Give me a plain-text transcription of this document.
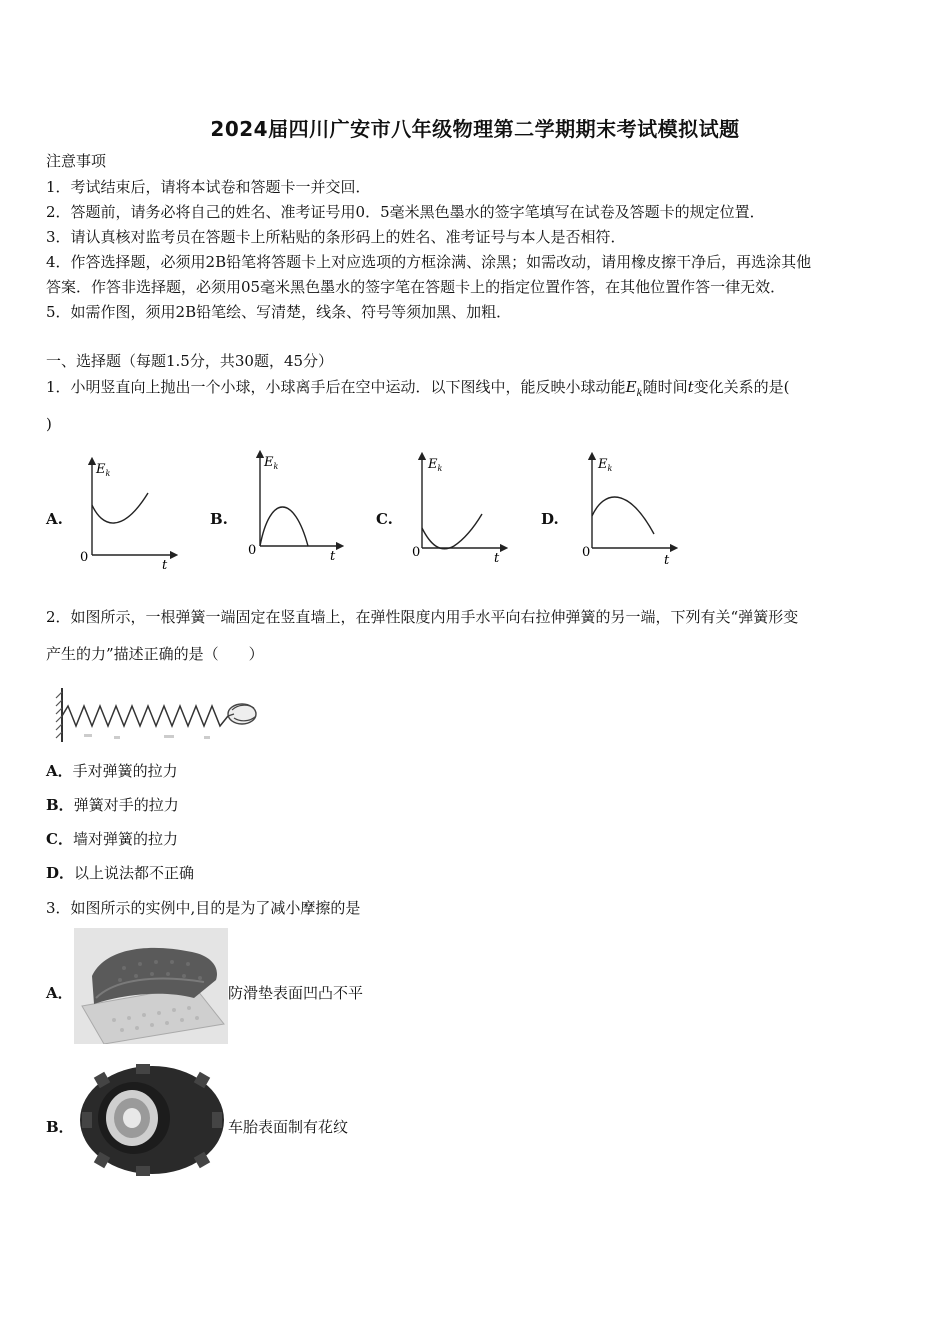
2024届四川广安市八年级物理第二学期期末考试模拟试题
注意事项
1．考试结束后，请将本试卷和答题卡一并交回．
2．答题前，请务必将自己的姓名、准考证号用0．5毫米黑色墨水的签字笔填写在试卷及答题卡的规定位置．
3．请认真核对监考员在答题卡上所粘贴的条形码上的姓名、准考证号与本人是否相符．
4．作答选择题，必须用2B铅笔将答题卡上对应选项的方框涂满、涂黑；如需改动，请用橡皮擦干净后，再选涂其他
答案．作答非选择题，必须用05毫米黑色墨水的签字笔在答题卡上的指定位置作答，在其他位置作答一律无效．
5．如需作图，须用2B铅笔绘、写清楚，线条、符号等须加黑、加粗．
一、选择题（每题1.5分，共30题，45分）
1．小明竖直向上抛出一个小球，小球离手后在空中运动．以下图线中，能反映小球动能$E_k$随时间t变化关系的是(
)
A.	B.	C.	D.
$E_k$
0
t
$E_k$
0	t
$E_k$
0	t
$E_k$
0
t
2．如图所示，一根弹簧一端固定在竖直墙上，在弹性限度内用手水平向右拉伸弹簧的另一端，下列有关“弹簧形变
产生的力”描述正确的是（　　）
A．手对弹簧的拉力
B．弹簧对手的拉力
C．墙对弹簧的拉力
D．以上说法都不正确
3．如图所示的实例中,目的是为了减小摩擦的是
A．	防滑垫表面凹凸不平
B．	车胎表面制有花纹
